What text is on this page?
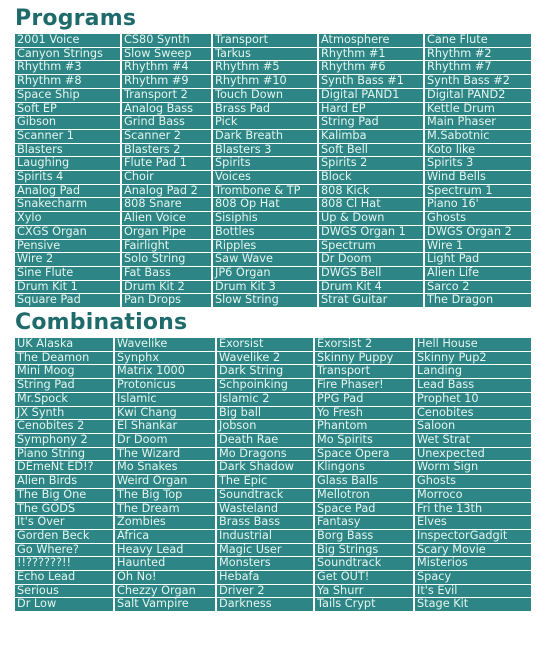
Programs
2001 Voice	CS80 Synth	Transport	Atmosphere	Cane Flute
Canyon Strings	Slow Sweep	Tarkus	Rhythm #1	Rhythm #2
Rhythm #3	Rhythm #4	Rhythm #5	Rhythm #6	Rhythm #7
Rhythm #8	Rhythm #9	Rhythm #10	Synth Bass #1	Synth Bass #2
Space Ship	Transport 2	Touch Down	Digital PAND1	Digital PAND2
Soft EP	Analog Bass	Brass Pad	Hard EP	Kettle Drum
Gibson	Grind Bass	Pick	String Pad	Main Phaser
Scanner 1	Scanner 2	Dark Breath	Kalimba	M.Sabotnic
Blasters	Blasters 2	Blasters 3	Soft Bell	Koto like
Laughing	Flute Pad 1	Spirits	Spirits 2	Spirits 3
Spirits 4	Choir	Voices	Block	Wind Bells
Analog Pad	Analog Pad 2	Trombone & TP	808 Kick	Spectrum 1
Snakecharm	808 Snare	808 Op Hat	808 Cl Hat	Piano 16'
Xylo	Alien Voice	Sisiphis	Up & Down	Ghosts
CXGS Organ	Organ Pipe	Bottles	DWGS Organ 1	DWGS Organ 2
Pensive	Fairlight	Ripples	Spectrum	Wire 1
Wire 2	Solo String	Saw Wave	Dr Doom	Light Pad
Sine Flute	Fat Bass	JP6 Organ	DWGS Bell	Alien Life
Drum Kit 1	Drum Kit 2	Drum Kit 3	Drum Kit 4	Sarco 2
Square Pad	Pan Drops	Slow String	Strat Guitar	The Dragon
Combinations
UK Alaska	Wavelike	Exorsist	Exorsist 2	Hell House
The Deamon	Synphx	Wavelike 2	Skinny Puppy	Skinny Pup2
Mini Moog	Matrix 1000	Dark String	Transport	Landing
String Pad	Protonicus	Schpoinking	Fire Phaser!	Lead Bass
Mr.Spock	Islamic	Islamic 2	PPG Pad	Prophet 10
JX Synth	Kwi Chang	Big ball	Yo Fresh	Cenobites
Cenobites 2	El Shankar	Jobson	Phantom	Saloon
Symphony 2	Dr Doom	Death Rae	Mo Spirits	Wet Strat
Piano String	The Wizard	Mo Dragons	Space Opera	Unexpected
DEmeNt ED!?	Mo Snakes	Dark Shadow	Klingons	Worm Sign
Alien Birds	Weird Organ	The Epic	Glass Balls	Ghosts
The Big One	The Big Top	Soundtrack	Mellotron	Morroco
The GODS	The Dream	Wasteland	Space Pad	Fri the 13th
It's Over	Zombies	Brass Bass	Fantasy	Elves
Gorden Beck	Africa	Industrial	Borg Bass	InspectorGadgit
Go Where?	Heavy Lead	Magic User	Big Strings	Scary Movie
!!??????!!	Haunted	Monsters	Soundtrack	Misterios
Echo Lead	Oh No!	Hebafa	Get OUT!	Spacy
Serious	Chezzy Organ	Driver 2	Ya Shurr	It's Evil
Dr Low	Salt Vampire	Darkness	Tails Crypt	Stage Kit
